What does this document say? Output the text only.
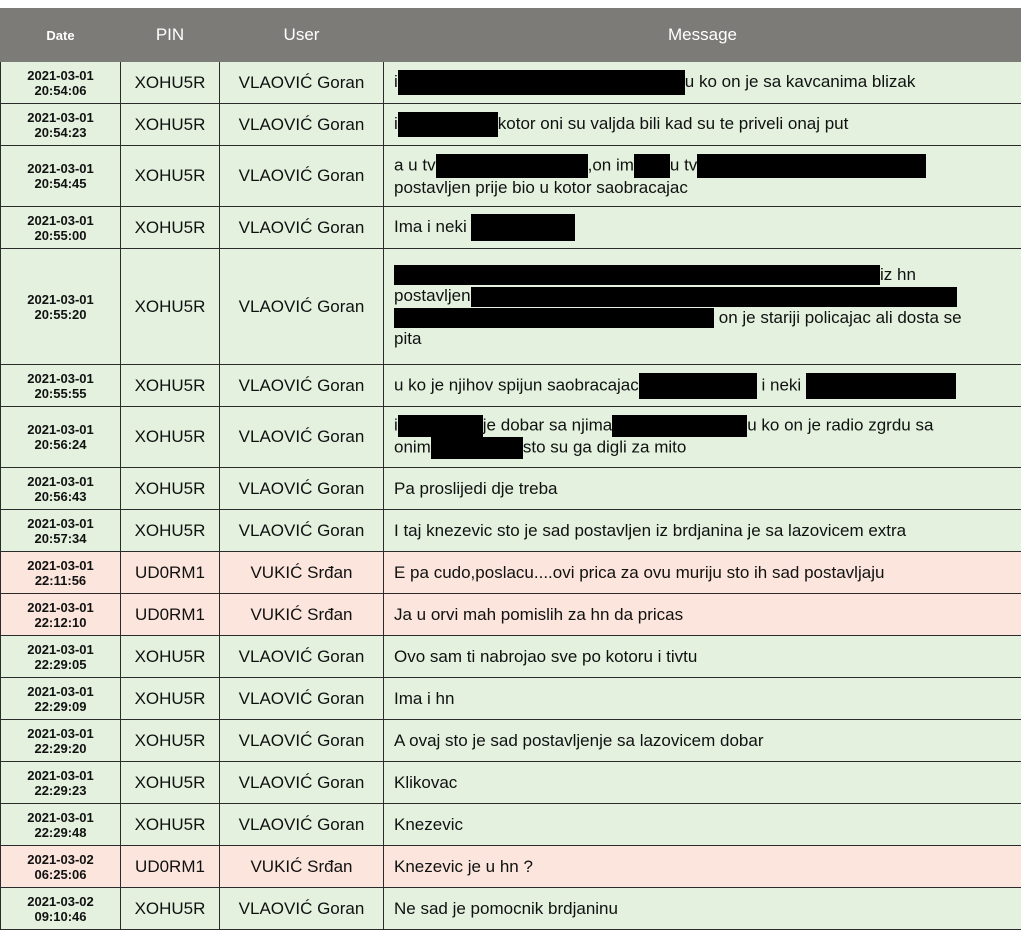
Date	PIN	User	Message

2021-03-01
20:54:06	XOHU5R	VLAOVIĆ Goran	i u ko on je sa kavcanima blizak

2021-03-01
20:54:23	XOHU5R	VLAOVIĆ Goran	i kotor oni su valjda bili kad su te priveli onaj put

2021-03-01
20:54:45	XOHU5R	VLAOVIĆ Goran	a u tv ,on im u tv
postavljen prije bio u kotor saobracajac

2021-03-01
20:55:00	XOHU5R	VLAOVIĆ Goran	Ima i neki

2021-03-01
20:55:20	XOHU5R	VLAOVIĆ Goran	iz hn
postavljen
on je stariji policajac ali dosta se
pita

2021-03-01
20:55:55	XOHU5R	VLAOVIĆ Goran	u ko je njihov spijun saobracajac i neki

2021-03-01
20:56:24	XOHU5R	VLAOVIĆ Goran	i je dobar sa njima u ko on je radio zgrdu sa
onim sto su ga digli za mito

2021-03-01
20:56:43	XOHU5R	VLAOVIĆ Goran	Pa proslijedi dje treba

2021-03-01
20:57:34	XOHU5R	VLAOVIĆ Goran	I taj knezevic sto je sad postavljen iz brdjanina je sa lazovicem extra

2021-03-01
22:11:56	UD0RM1	VUKIĆ Srđan	E pa cudo,poslacu....ovi prica za ovu muriju sto ih sad postavljaju

2021-03-01
22:12:10	UD0RM1	VUKIĆ Srđan	Ja u orvi mah pomislih za hn da pricas

2021-03-01
22:29:05	XOHU5R	VLAOVIĆ Goran	Ovo sam ti nabrojao sve po kotoru i tivtu

2021-03-01
22:29:09	XOHU5R	VLAOVIĆ Goran	Ima i hn

2021-03-01
22:29:20	XOHU5R	VLAOVIĆ Goran	A ovaj sto je sad postavljenje sa lazovicem dobar

2021-03-01
22:29:23	XOHU5R	VLAOVIĆ Goran	Klikovac

2021-03-01
22:29:48	XOHU5R	VLAOVIĆ Goran	Knezevic

2021-03-02
06:25:06	UD0RM1	VUKIĆ Srđan	Knezevic je u hn ?

2021-03-02
09:10:46	XOHU5R	VLAOVIĆ Goran	Ne sad je pomocnik brdjaninu
